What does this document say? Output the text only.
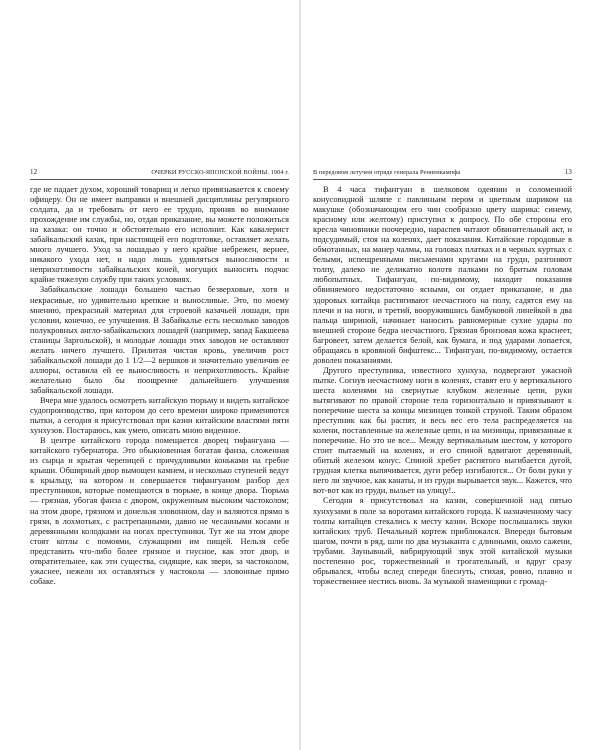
12	ОЧЕРКИ РУССКО-ЯПОНСКОЙ ВОЙНЫ. 1904 г.

где не падает духом, хороший товарищ и легко привязывается к своему офицеру. Он не имеет выправки и внешней дисциплины регулярного солдата, да и требовать от него ее трудно, приняв во внимание прохождение им службы, но, отдав приказание, вы можете положиться на казака: он точно и обстоятельно его исполнит. Как кавалерист забайкальский казак, при настоящей его подготовке, оставляет желать много лучшего. Уход за лошадью у него крайне небрежен, вернее, никакого ухода нет, и надо лишь удивляться выносливости и неприхотливости забайкальских коней, могущих выносить подчас крайне тяжелую службу при таких условиях.

Забайкальские лошади большею частью безверховые, хотя и некрасивые, но удивительно крепкие и выносливые. Это, по моему мнению, прекрасный материал для строевой казачьей лошади, при условии, конечно, ее улучшения. В Забайкалье есть несколько заводов полукровных англо-забайкальских лошадей (например, запад Бакшеева станицы Заргольской), и молодые лошади этих заводов не оставляют желать ничего лучшего. Прилитая чистая кровь, увеличив рост забайкальской лошади до 1 1/2—2 вершков и значительно увеличив ее аллюры, оставила ей ее выносливость и неприхотливость. Крайне желательно было бы поощрение дальнейшего улучшения забайкальской лошади.

Вчера мне удалось осмотреть китайскую тюрьму и видеть китайское судопроизводство, при котором до сего времени широко применяются пытки, а сегодня я присутствовал при казни китайским властями пяти хунхузов. Постараюсь, как умею, описать мною виденное.

В центре китайского города помещается дворец тифангуана — китайского губернатора. Это обыкновенная богатая фанза, сложенная из сырца и крытая черепицей с причудливыми коньками на гребне крыши. Обширный двор вымощен камнем, и несколько ступеней ведут к крыльцу, на котором и совершается тифангуаном разбор дел преступников, которые помещаются в тюрьме, в конце двора. Тюрьма — грязная, убогая фанза с двором, окруженным высоким частоколом; на этом дворе, грязном и донельзя зловонном, day и валяются прямо в грязи, в лохмотьях, с растрепанными, давно не чесанными косами и деревянными колодками на ногах преступники. Тут же на этом дворе стоят котлы с помоями, служащими им пищей. Нельзя себе представить что-либо более грязное и гнусное, как этот двор, и отвратительнее, как эти существа, сидящие, как звери, за частоколом, ужаснее, нежели их оставляться у частокола — зловонные прямо собаке.

В передовом летучем отряде генерала Ренненкампфа	13

В 4 часа тифангуан в шелковом одеянии и соломенной конусовидной шляпе с павлиньим пером и цветным шариком на макушке (обозначающим его чин сообразно цвету шарика: синему, красному или желтому) приступил к допросу. По обе стороны его кресла чиновники поочередно, нараспев читают обвинительный акт, и подсудимый, стоя на коленях, дает показания. Китайские городовые в обмотанных, на манер чалмы, на головах платках и в черных куртках с белыми, испещренными письменами кругами на груди, разгоняют толпу, далеко не деликатно колотя палками по бритым головам любопытных. Тифангуан, по-видимому, находит показания обвиняемого недостаточно ясными, он отдает приказание, и два здоровых китайца растягивают несчастного на полу, садятся ему на плечи и на ноги, и третий, вооружившись бамбуковой линейкой в два пальца шириной, начинает наносить равномерные сухие удары по внешней стороне бедра несчастного. Грязная бронзовая кожа краснеет, багровеет, затем делается белой, как бумага, и под ударами лопается, обращаясь в кровяной бифштекс... Тифангуан, по-видимому, остается доволен показаниями.

Другого преступника, известного хунхуза, подвергают ужасной пытке. Согнув несчастному ноги в коленях, ставят его у вертикального шеста коленями на свернутые клубком железные цепи, руки вытягивают по правой стороне тела горизонтально и привязывают к поперечине шеста за концы мизинцев тонкой струной. Таким образом преступник как бы распят, и весь вес его тела распределяется на колени, поставленные на железные цепи, и на мизинцы, привязанные к поперечине. Но это не все... Между вертикальным шестом, у которого стоит пытаемый на коленях, и его спиной вдвигают деревянный, обитый железом конус. Спиной хребет распятого выгибается дугой, грудная клетка выпячивается, дуги ребер изгибаются... От боли руки у него ли звучное, как канаты, и из груди вырывается звук... Кажется, что вот-вот как из груди, выльет на улицу!..

Сегодня я присутствовал на казни, совершенной над пятью хунхузами в поле за воротами китайского города. К назначенному часу толпы китайцев стекались к месту казни. Вскоре послышались звуки китайских труб. Печальный кортеж приближался. Впереди бытовым шагом, почти в ряд, шли по два музыканта с длинными, около сажени, трубами. Заунывный, вибрирующий звук этой китайской музыки постепенно рос, торжественный и трогательный, и вдруг сразу обрывался, чтобы вслед спереди блеснуть, стихая, ровно, плавно и торжественнее нестись вновь. За музыкой знаменщики с громад-
